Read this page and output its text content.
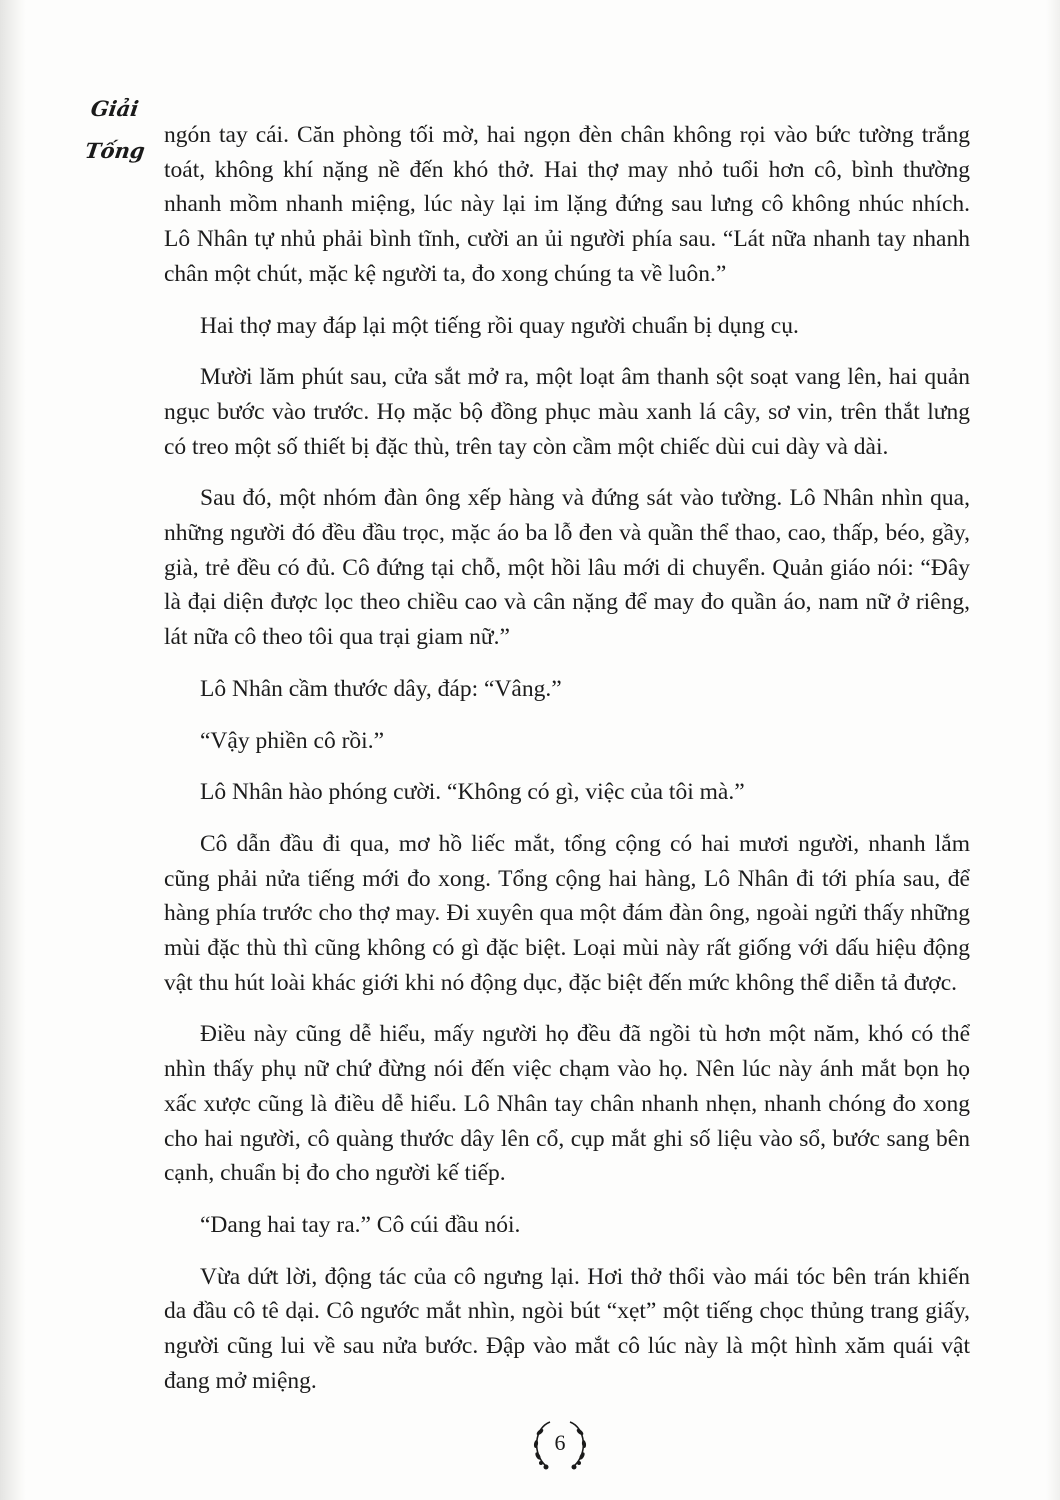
Giải
Tống

ngón tay cái. Căn phòng tối mờ, hai ngọn đèn chân không rọi vào bức tường trắng toát, không khí nặng nề đến khó thở. Hai thợ may nhỏ tuổi hơn cô, bình thường nhanh mồm nhanh miệng, lúc này lại im lặng đứng sau lưng cô không nhúc nhích. Lô Nhân tự nhủ phải bình tĩnh, cười an ủi người phía sau. “Lát nữa nhanh tay nhanh chân một chút, mặc kệ người ta, đo xong chúng ta về luôn.”

Hai thợ may đáp lại một tiếng rồi quay người chuẩn bị dụng cụ.

Mười lăm phút sau, cửa sắt mở ra, một loạt âm thanh sột soạt vang lên, hai quản ngục bước vào trước. Họ mặc bộ đồng phục màu xanh lá cây, sơ vin, trên thắt lưng có treo một số thiết bị đặc thù, trên tay còn cầm một chiếc dùi cui dày và dài.

Sau đó, một nhóm đàn ông xếp hàng và đứng sát vào tường. Lô Nhân nhìn qua, những người đó đều đầu trọc, mặc áo ba lỗ đen và quần thể thao, cao, thấp, béo, gầy, già, trẻ đều có đủ. Cô đứng tại chỗ, một hồi lâu mới di chuyển. Quản giáo nói: “Đây là đại diện được lọc theo chiều cao và cân nặng để may đo quần áo, nam nữ ở riêng, lát nữa cô theo tôi qua trại giam nữ.”

Lô Nhân cầm thước dây, đáp: “Vâng.”

“Vậy phiền cô rồi.”

Lô Nhân hào phóng cười. “Không có gì, việc của tôi mà.”

Cô dẫn đầu đi qua, mơ hồ liếc mắt, tổng cộng có hai mươi người, nhanh lắm cũng phải nửa tiếng mới đo xong. Tổng cộng hai hàng, Lô Nhân đi tới phía sau, để hàng phía trước cho thợ may. Đi xuyên qua một đám đàn ông, ngoài ngửi thấy những mùi đặc thù thì cũng không có gì đặc biệt. Loại mùi này rất giống với dấu hiệu động vật thu hút loài khác giới khi nó động dục, đặc biệt đến mức không thể diễn tả được.

Điều này cũng dễ hiểu, mấy người họ đều đã ngồi tù hơn một năm, khó có thể nhìn thấy phụ nữ chứ đừng nói đến việc chạm vào họ. Nên lúc này ánh mắt bọn họ xấc xược cũng là điều dễ hiểu. Lô Nhân tay chân nhanh nhẹn, nhanh chóng đo xong cho hai người, cô quàng thước dây lên cổ, cụp mắt ghi số liệu vào sổ, bước sang bên cạnh, chuẩn bị đo cho người kế tiếp.

“Dang hai tay ra.” Cô cúi đầu nói.

Vừa dứt lời, động tác của cô ngưng lại. Hơi thở thổi vào mái tóc bên trán khiến da đầu cô tê dại. Cô ngước mắt nhìn, ngòi bút “xẹt” một tiếng chọc thủng trang giấy, người cũng lui về sau nửa bước. Đập vào mắt cô lúc này là một hình xăm quái vật đang mở miệng.

6
